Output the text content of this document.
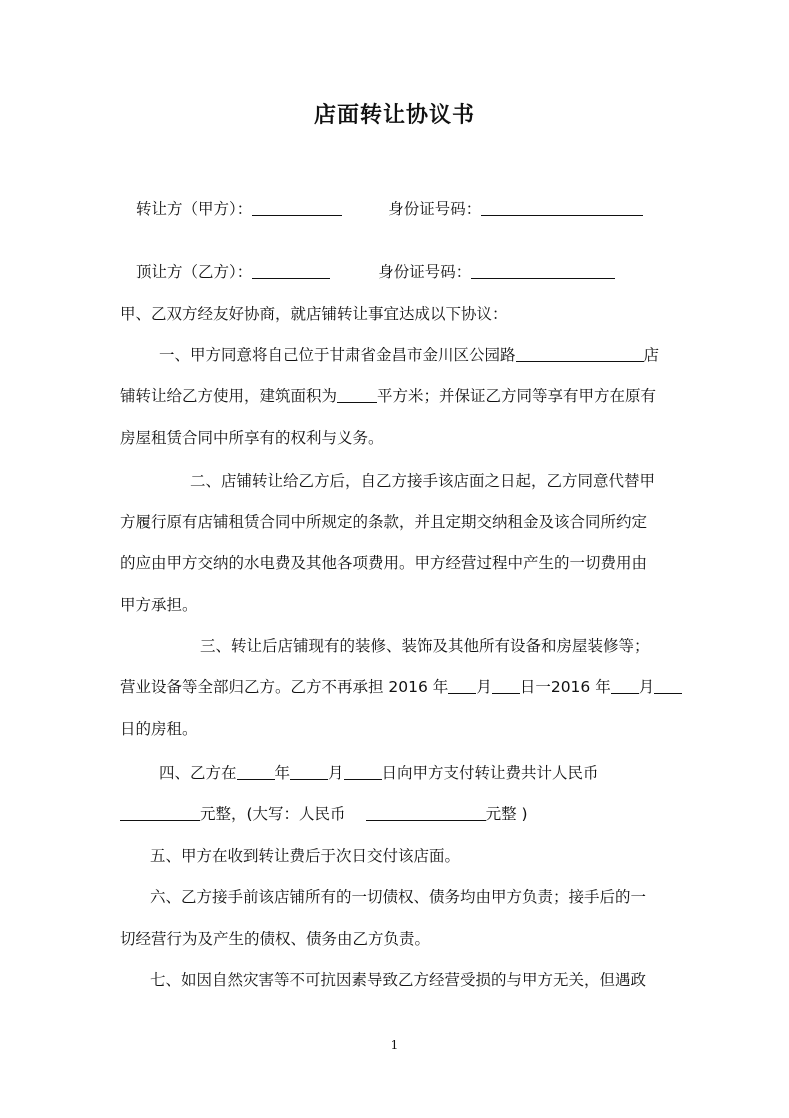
店面转让协议书
转让方（甲方）：	身份证号码：
顶让方（乙方）：	身份证号码：
甲、乙双方经友好协商，就店铺转让事宜达成以下协议：
一、甲方同意将自己位于甘肃省金昌市金川区公园路	店
铺转让给乙方使用，建筑面积为	平方米；并保证乙方同等享有甲方在原有
房屋租赁合同中所享有的权利与义务。
二、店铺转让给乙方后，自乙方接手该店面之日起，乙方同意代替甲
方履行原有店铺租赁合同中所规定的条款，并且定期交纳租金及该合同所约定
的应由甲方交纳的水电费及其他各项费用。甲方经营过程中产生的一切费用由
甲方承担。
三、转让后店铺现有的装修、装饰及其他所有设备和房屋装修等；
营业设备等全部归乙方。乙方不再承担 2016 年 月 日一2016 年 月
日的房租。
四、乙方在 年 月 日向甲方支付转让费共计人民币
元整，(大写：人民币	元整 )
五、甲方在收到转让费后于次日交付该店面。
六、乙方接手前该店铺所有的一切债权、债务均由甲方负责；接手后的一
切经营行为及产生的债权、债务由乙方负责。
七、如因自然灾害等不可抗因素导致乙方经营受损的与甲方无关，但遇政
1
